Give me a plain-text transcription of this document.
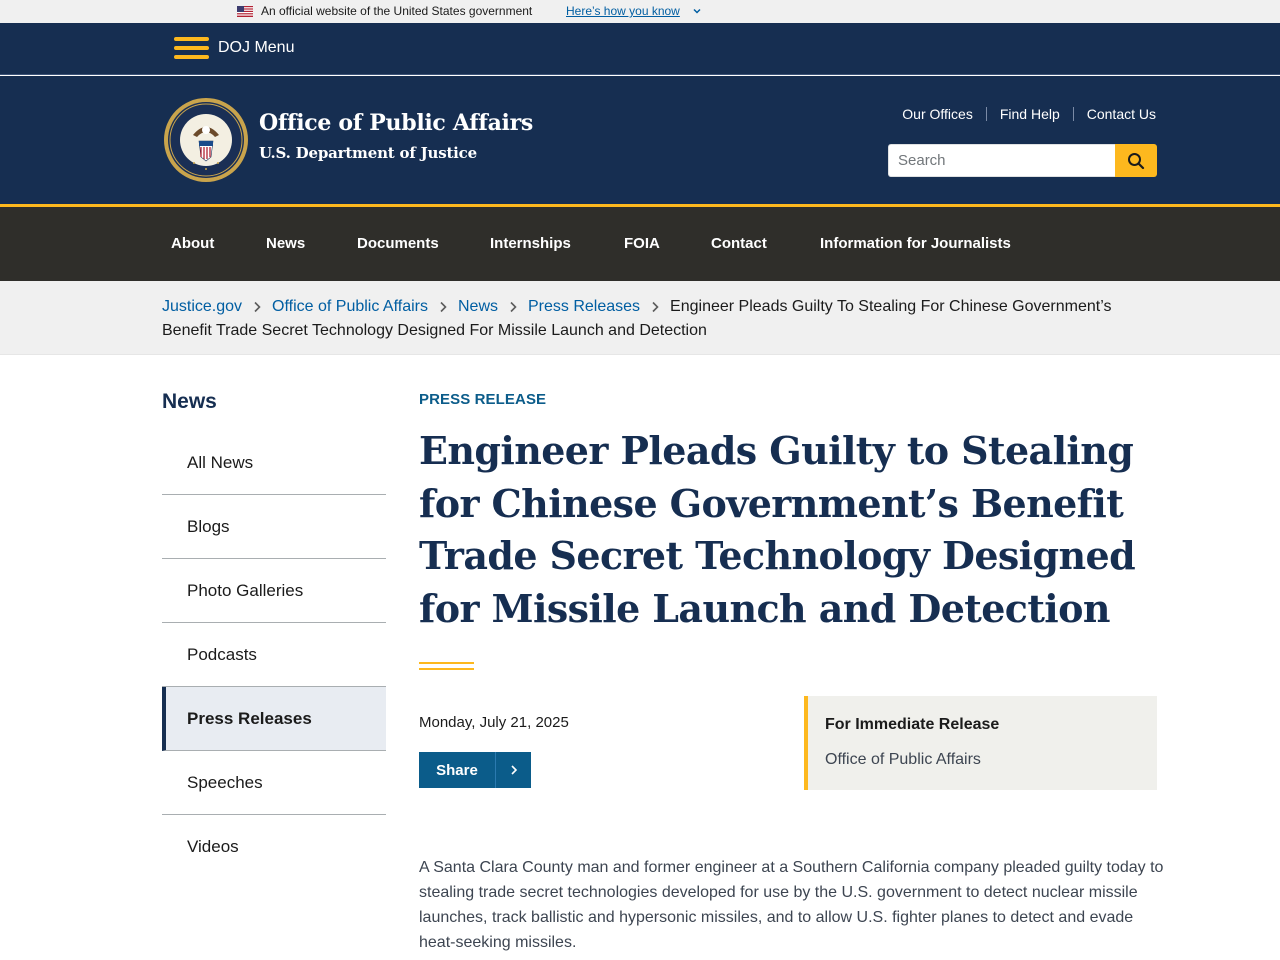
An official website of the United States government	Here’s how you know
DOJ Menu
Office of Public Affairs
U.S. Department of Justice
Our Offices Find Help Contact Us
Search
About	News	Documents	Internships	FOIA	Contact	Information for Journalists
Justice.gov Office of Public Affairs News Press Releases Engineer Pleads Guilty To Stealing For Chinese Government’s
Benefit Trade Secret Technology Designed For Missile Launch and Detection
News
All News
Blogs
Photo Galleries
Podcasts
Press Releases
Speeches
Videos
PRESS RELEASE
Engineer Pleads Guilty to Stealing for Chinese Government’s Benefit Trade Secret Technology Designed for Missile Launch and Detection
Monday, July 21, 2025
Share
For Immediate Release
Office of Public Affairs

A Santa Clara County man and former engineer at a Southern California company pleaded guilty today to stealing trade secret technologies developed for use by the U.S. government to detect nuclear missile launches, track ballistic and hypersonic missiles, and to allow U.S. fighter planes to detect and evade heat-seeking missiles.
